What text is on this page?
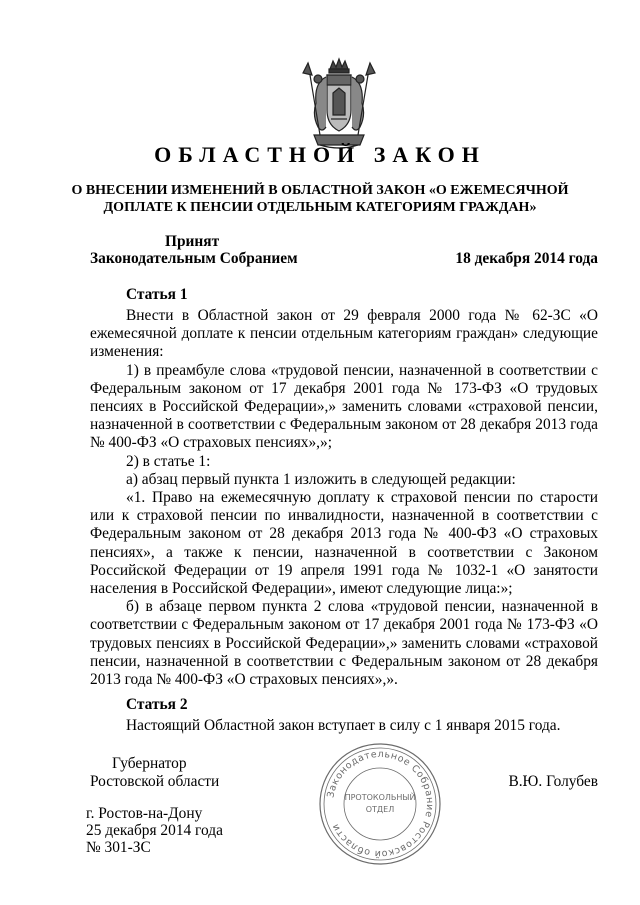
ОБЛАСТНОЙ ЗАКОН
О ВНЕСЕНИИ ИЗМЕНЕНИЙ В ОБЛАСТНОЙ ЗАКОН «О ЕЖЕМЕСЯЧНОЙ
ДОПЛАТЕ К ПЕНСИИ ОТДЕЛЬНЫМ КАТЕГОРИЯМ ГРАЖДАН»
Принят
Законодательным Собранием	18 декабря 2014 года
Статья 1

Внести в Областной закон от 29 февраля 2000 года № 62-ЗС «О ежемесячной доплате к пенсии отдельным категориям граждан» следующие изменения:

1) в преамбуле слова «трудовой пенсии, назначенной в соответствии с Федеральным законом от 17 декабря 2001 года № 173-ФЗ «О трудовых пенсиях в Российской Федерации»,» заменить словами «страховой пенсии, назначенной в соответствии с Федеральным законом от 28 декабря 2013 года № 400-ФЗ «О страховых пенсиях»,»;

2) в статье 1:

а) абзац первый пункта 1 изложить в следующей редакции:

«1. Право на ежемесячную доплату к страховой пенсии по старости или к страховой пенсии по инвалидности, назначенной в соответствии с Федеральным законом от 28 декабря 2013 года № 400-ФЗ «О страховых пенсиях», а также к пенсии, назначенной в соответствии с Законом Российской Федерации от 19 апреля 1991 года № 1032-1 «О занятости населения в Российской Федерации», имеют следующие лица:»;

б) в абзаце первом пункта 2 слова «трудовой пенсии, назначенной в соответствии с Федеральным законом от 17 декабря 2001 года № 173-ФЗ «О трудовых пенсиях в Российской Федерации»,» заменить словами «страховой пенсии, назначенной в соответствии с Федеральным законом от 28 декабря 2013 года № 400-ФЗ «О страховых пенсиях»,».

Статья 2

Настоящий Областной закон вступает в силу с 1 января 2015 года.

Губернатор
Ростовской области	В.Ю. Голубев
г. Ростов-на-Дону
25 декабря 2014 года
№ 301-ЗС
Законодательное Собрание Ростовской области
ПРОТОКОЛЬНЫЙ
ОТДЕЛ
